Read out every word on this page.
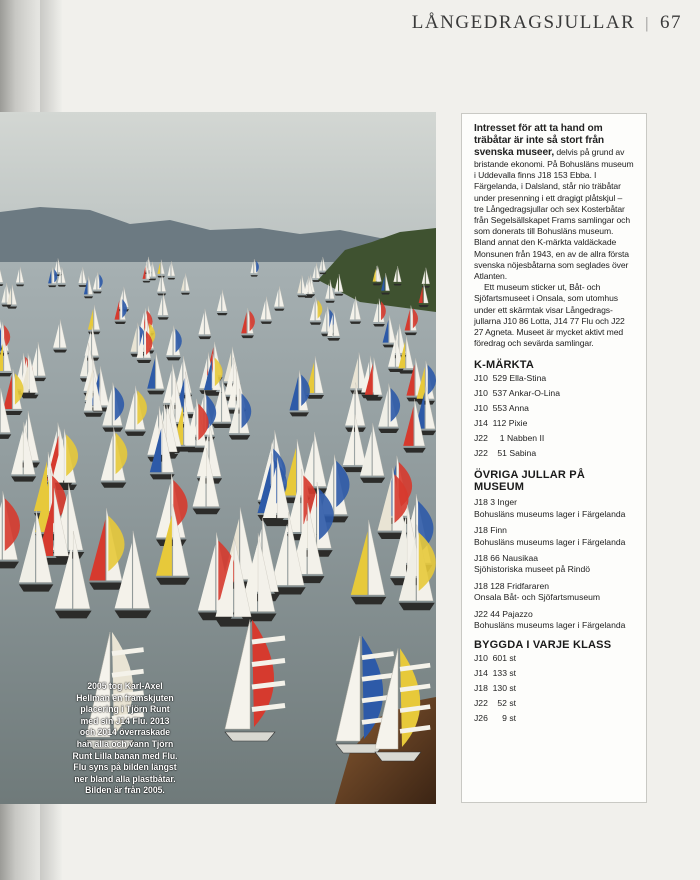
LÅNGEDRAGSJULLAR | 67
2005 tog Karl-Axel Hellman en framskjuten placering i Tjörn Runt med sin J14 Flu. 2013 och 2014 överraskade han alla och vann Tjörn Runt Lilla banan med Flu. Flu syns på bilden längst ner bland alla plastbåtar. Bilden är från 2005.

Intresset för att ta hand om träbåtar är inte så stort från svenska museer, delvis på grund av bristande ekonomi. På Bohusläns museum i Uddevalla finns J18 153 Ebba. I Färgelanda, i Dalsland, står nio träbåtar under presenning i ett dragigt plåtskjul – tre Långedragsjullar och sex Kosterbåtar från Segelsällskapet Frams samlingar och som donerats till Bohusläns museum. Bland annat den K-märkta valdäckade Monsunen från 1943, en av de allra första svenska nöjesbåtarna som seglades över Atlanten.
Ett museum sticker ut, Båt- och Sjöfartsmuseet i Onsala, som utomhus under ett skärmtak visar Långedrags-jullarna J10 86 Lotta, J14 77 Flu och J22 27 Agneta. Museet är mycket aktivt med föredrag och sevärda samlingar.

K-MÄRKTA
J10  529 Ella-Stina
J10  537 Ankar-O-Lina
J10  553 Anna
J14  112 Pixie
J22     1 Nabben II
J22    51 Sabina
ÖVRIGA JULLAR PÅ MUSEUM
J18 3 Inger
Bohusläns museums lager i Färgelanda
J18 Finn
Bohusläns museums lager i Färgelanda
J18 66 Nausikaa
Sjöhistoriska museet på Rindö
J18 128 Fridfararen
Onsala Båt- och Sjöfartsmuseum
J22 44 Pajazzo
Bohusläns museums lager i Färgelanda
BYGGDA I VARJE KLASS
J10  601 st
J14  133 st
J18  130 st
J22    52 st
J26      9 st
